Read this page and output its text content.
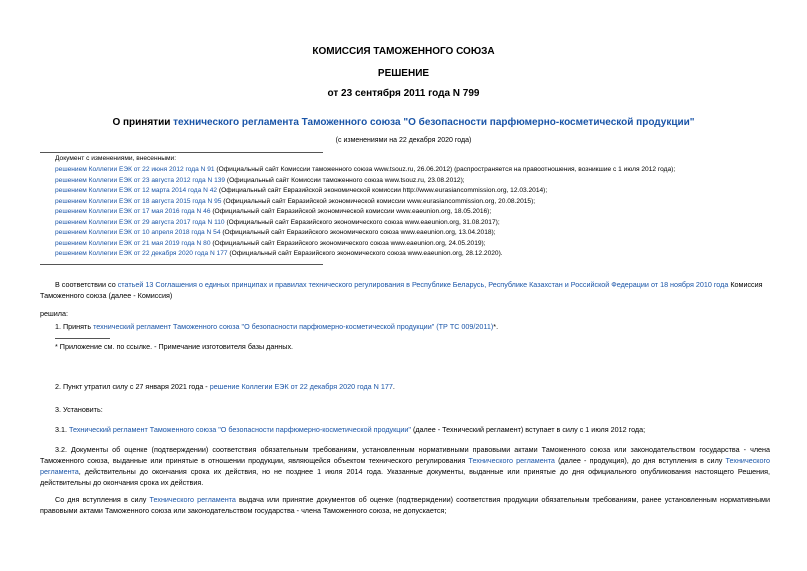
КОМИССИЯ ТАМОЖЕННОГО СОЮЗА
РЕШЕНИЕ
от 23 сентября 2011 года N 799
О принятии технического регламента Таможенного союза "О безопасности парфюмерно-косметической продукции"
(с изменениями на 22 декабря 2020 года)
Документ с изменениями, внесенными:
решением Коллегии ЕЭК от 22 июня 2012 года N 91 (Официальный сайт Комиссии таможенного союза www.tsouz.ru, 26.06.2012) (распространяется на правоотношения, возникшие с 1 июля 2012 года);
решением Коллегии ЕЭК от 23 августа 2012 года N 139 (Официальный сайт Комиссии таможенного союза www.tsouz.ru, 23.08.2012);
решением Коллегии ЕЭК от 12 марта 2014 года N 42 (Официальный сайт Евразийской экономической комиссии http://www.eurasiancommission.org, 12.03.2014);
решением Коллегии ЕЭК от 18 августа 2015 года N 95 (Официальный сайт Евразийской экономической комиссии www.eurasiancommission.org, 20.08.2015);
решением Коллегии ЕЭК от 17 мая 2016 года N 46 (Официальный сайт Евразийской экономической комиссии www.eaeunion.org, 18.05.2016);
решением Коллегии ЕЭК от 29 августа 2017 года N 110 (Официальный сайт Евразийского экономического союза www.eaeunion.org, 31.08.2017);
решением Коллегии ЕЭК от 10 апреля 2018 года N 54 (Официальный сайт Евразийского экономического союза www.eaeunion.org, 13.04.2018);
решением Коллегии ЕЭК от 21 мая 2019 года N 80 (Официальный сайт Евразийского экономического союза www.eaeunion.org, 24.05.2019);
решением Коллегии ЕЭК от 22 декабря 2020 года N 177 (Официальный сайт Евразийского экономического союза www.eaeunion.org, 28.12.2020).
В соответствии со статьей 13 Соглашения о единых принципах и правилах технического регулирования в Республике Беларусь, Республике Казахстан и Российской Федерации от 18 ноября 2010 года Комиссия Таможенного союза (далее - Комиссия)
решила:
1. Принять технический регламент Таможенного союза "О безопасности парфюмерно-косметической продукции" (ТР ТС 009/2011)*.
* Приложение см. по ссылке. - Примечание изготовителя базы данных.
2. Пункт утратил силу с 27 января 2021 года - решение Коллегии ЕЭК от 22 декабря 2020 года N 177.
3. Установить:
3.1. Технический регламент Таможенного союза "О безопасности парфюмерно-косметической продукции" (далее - Технический регламент) вступает в силу с 1 июля 2012 года;
3.2. Документы об оценке (подтверждении) соответствия обязательным требованиям, установленным нормативными правовыми актами Таможенного союза или законодательством государства - члена Таможенного союза, выданные или принятые в отношении продукции, являющейся объектом технического регулирования Технического регламента (далее - продукция), до дня вступления в силу Технического регламента, действительны до окончания срока их действия, но не позднее 1 июля 2014 года. Указанные документы, выданные или принятые до дня официального опубликования настоящего Решения, действительны до окончания срока их действия.
Со дня вступления в силу Технического регламента выдача или принятие документов об оценке (подтверждении) соответствия продукции обязательным требованиям, ранее установленным нормативными правовыми актами Таможенного союза или законодательством государства - члена Таможенного союза, не допускается;
